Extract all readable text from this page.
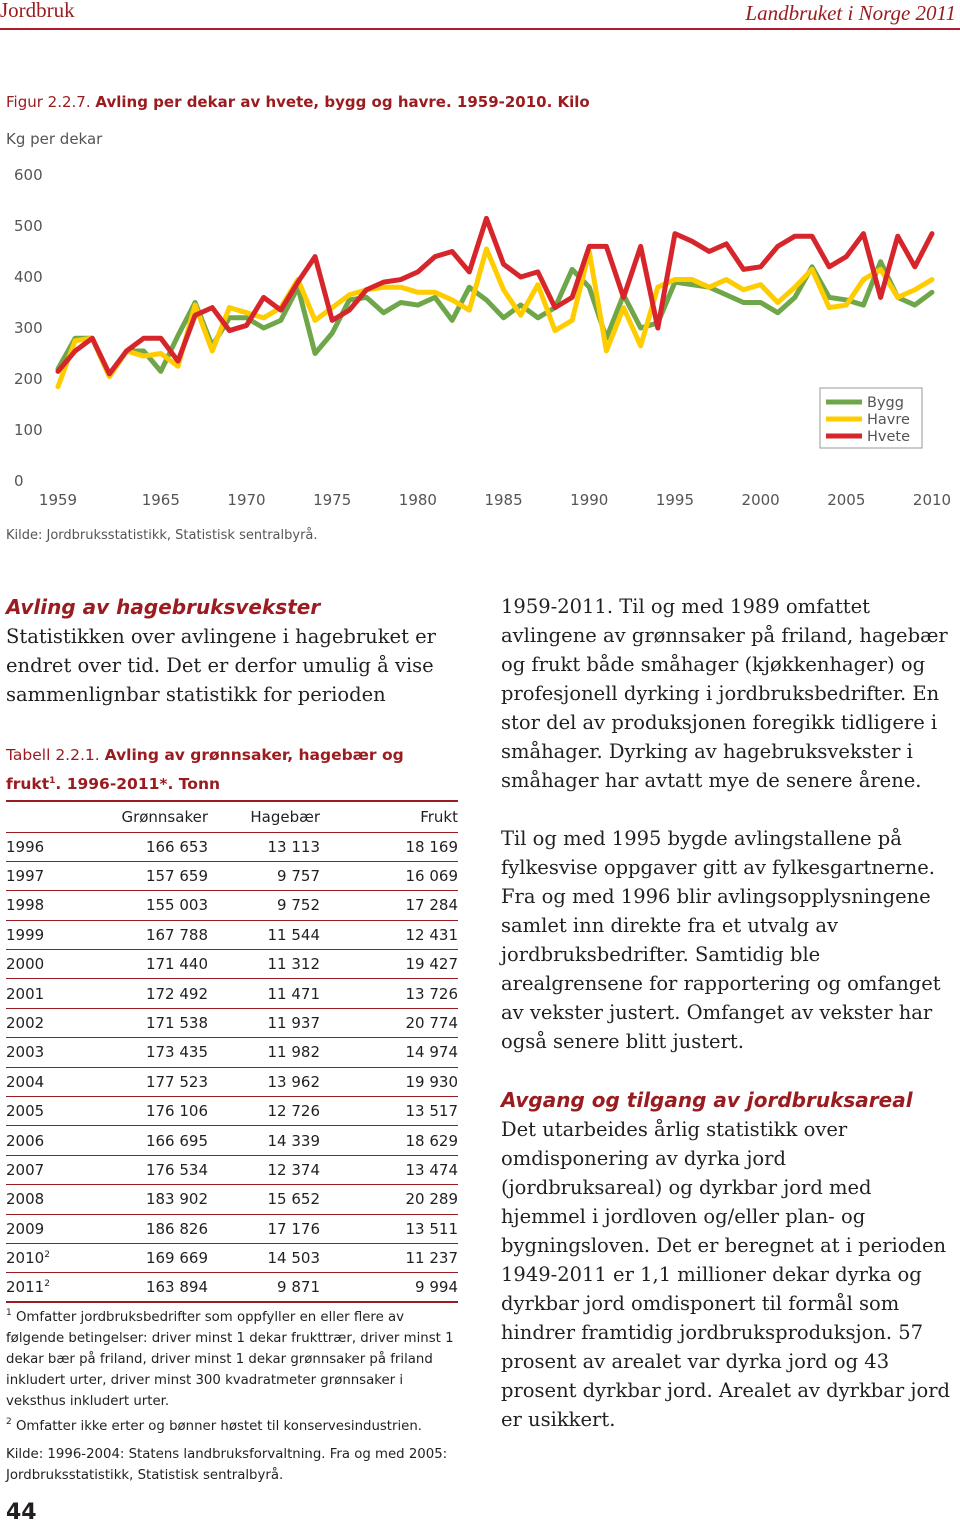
Jordbruk	Landbruket i Norge 2011
Figur 2.2.7. Avling per dekar av hvete, bygg og havre. 1959-2010. Kilo
Kg per dekar
0
100
200
300
400
500
600
1959	1965	1970	1975	1980	1985	1990	1995	2000	2005	2010
Bygg
Havre
Hvete
Kilde: Jordbruksstatistikk, Statistisk sentralbyrå.
Avling av hagebruksvekster
Statistikken over avlingene i hagebruket er endret over tid. Det er derfor umulig å vise sammenlignbar statistikk for perioden
Tabell 2.2.1. Avling av grønnsaker, hagebær og frukt$^1$. 1996-2011*. Tonn
	Grønnsaker	Hagebær	Frukt
1996	166 653	13 113	18 169
1997	157 659	9 757	16 069
1998	155 003	9 752	17 284
1999	167 788	11 544	12 431
2000	171 440	11 312	19 427
2001	172 492	11 471	13 726
2002	171 538	11 937	20 774
2003	173 435	11 982	14 974
2004	177 523	13 962	19 930
2005	176 106	12 726	13 517
2006	166 695	14 339	18 629
2007	176 534	12 374	13 474
2008	183 902	15 652	20 289
2009	186 826	17 176	13 511
2010$^2$	169 669	14 503	11 237
2011$^2$	163 894	9 871	9 994
$^1$ Omfatter jordbruksbedrifter som oppfyller en eller flere av følgende betingelser: driver minst 1 dekar frukttrær, driver minst 1 dekar bær på friland, driver minst 1 dekar grønnsaker på friland inkludert urter, driver minst 300 kvadratmeter grønnsaker i veksthus inkludert urter.
$^2$ Omfatter ikke erter og bønner høstet til konservesindustrien.
Kilde: 1996-2004: Statens landbruksforvaltning. Fra og med 2005: Jordbruksstatistikk, Statistisk sentralbyrå.
1959-2011. Til og med 1989 omfattet avlingene av grønnsaker på friland, hagebær og frukt både småhager (kjøkkenhager) og profesjonell dyrking i jordbruksbedrifter. En stor del av produksjonen foregikk tidligere i småhager. Dyrking av hagebruksvekster i småhager har avtatt mye de senere årene.
Til og med 1995 bygde avlingstallene på fylkesvise oppgaver gitt av fylkesgartnerne. Fra og med 1996 blir avlingsopplysningene samlet inn direkte fra et utvalg av jordbruksbedrifter. Samtidig ble arealgrensene for rapportering og omfanget av vekster justert. Omfanget av vekster har også senere blitt justert.
Avgang og tilgang av jordbruksareal
Det utarbeides årlig statistikk over omdisponering av dyrka jord (jordbruksareal) og dyrkbar jord med hjemmel i jordloven og/eller plan- og bygningsloven. Det er beregnet at i perioden 1949-2011 er 1,1 millioner dekar dyrka og dyrkbar jord omdisponert til formål som hindrer framtidig jordbruksproduksjon. 57 prosent av arealet var dyrka jord og 43 prosent dyrkbar jord. Arealet av dyrkbar jord er usikkert.
44
